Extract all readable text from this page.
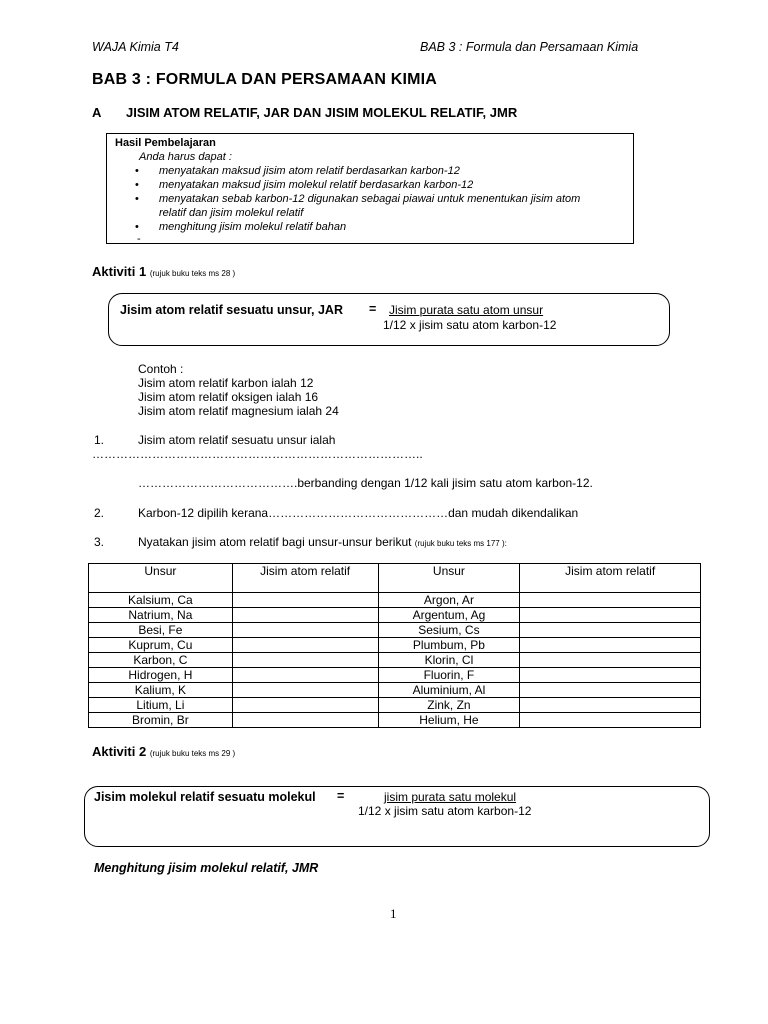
WAJA Kimia T4	BAB 3 : Formula dan Persamaan Kimia
BAB 3 : FORMULA DAN PERSAMAAN KIMIA
A JISIM ATOM RELATIF, JAR DAN JISIM MOLEKUL RELATIF, JMR
Hasil Pembelajaran
Anda harus dapat :
• menyatakan maksud jisim atom relatif berdasarkan karbon-12
• menyatakan maksud jisim molekul relatif berdasarkan karbon-12
• menyatakan sebab karbon-12 digunakan sebagai piawai untuk menentukan jisim atom
relatif dan jisim molekul relatif
• menghitung jisim molekul relatif bahan
-
Aktiviti 1 (rujuk buku teks ms 28 )
Jisim atom relatif sesuatu unsur, JAR = Jisim purata satu atom unsur
1/12 x jisim satu atom karbon-12
Contoh :
Jisim atom relatif karbon ialah 12
Jisim atom relatif oksigen ialah 16
Jisim atom relatif magnesium ialah 24
1.	Jisim atom relatif sesuatu unsur ialah
………………………………………………………………………..
………………………………….berbanding dengan 1/12 kali jisim satu atom karbon-12.
2.	Karbon-12 dipilih kerana………………………………………dan mudah dikendalikan
3.	Nyatakan jisim atom relatif bagi unsur-unsur berikut (rujuk buku teks ms 177 ):
Unsur	Jisim atom relatif	Unsur	Jisim atom relatif
Kalsium, Ca		Argon, Ar	
Natrium, Na		Argentum, Ag	
Besi, Fe		Sesium, Cs	
Kuprum, Cu		Plumbum, Pb	
Karbon, C		Klorin, Cl	
Hidrogen, H		Fluorin, F	
Kalium, K		Aluminium, Al	
Litium, Li		Zink, Zn	
Bromin, Br		Helium, He	
Aktiviti 2 (rujuk buku teks ms 29 )
Jisim molekul relatif sesuatu molekul =	jisim purata satu molekul
1/12 x jisim satu atom karbon-12
Menghitung jisim molekul relatif, JMR
1
